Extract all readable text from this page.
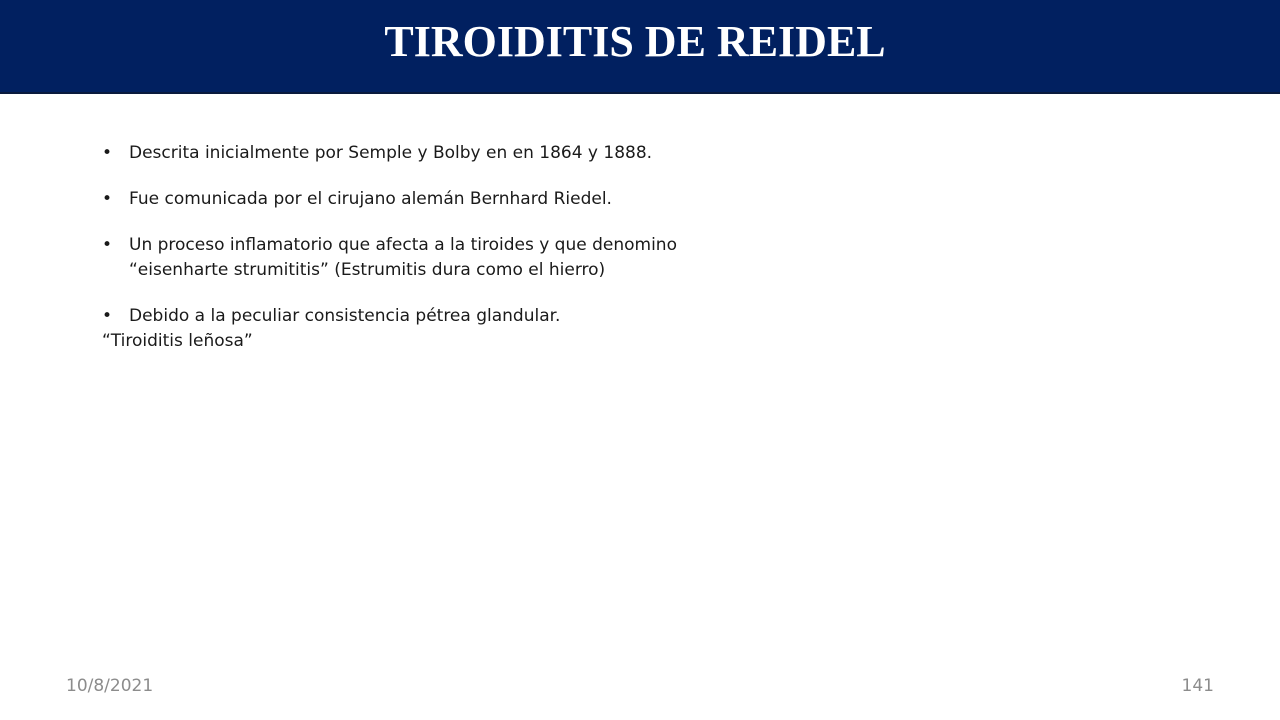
TIROIDITIS DE REIDEL
• Descrita inicialmente por Semple y Bolby en en 1864 y 1888.
• Fue comunicada por el cirujano alemán Bernhard Riedel.
• Un proceso inflamatorio que afecta a la tiroides y que denomino “eisenharte strumititis” (Estrumitis dura como el hierro)
• Debido a la peculiar consistencia pétrea glandular.
“Tiroiditis leñosa”
10/8/2021	141
